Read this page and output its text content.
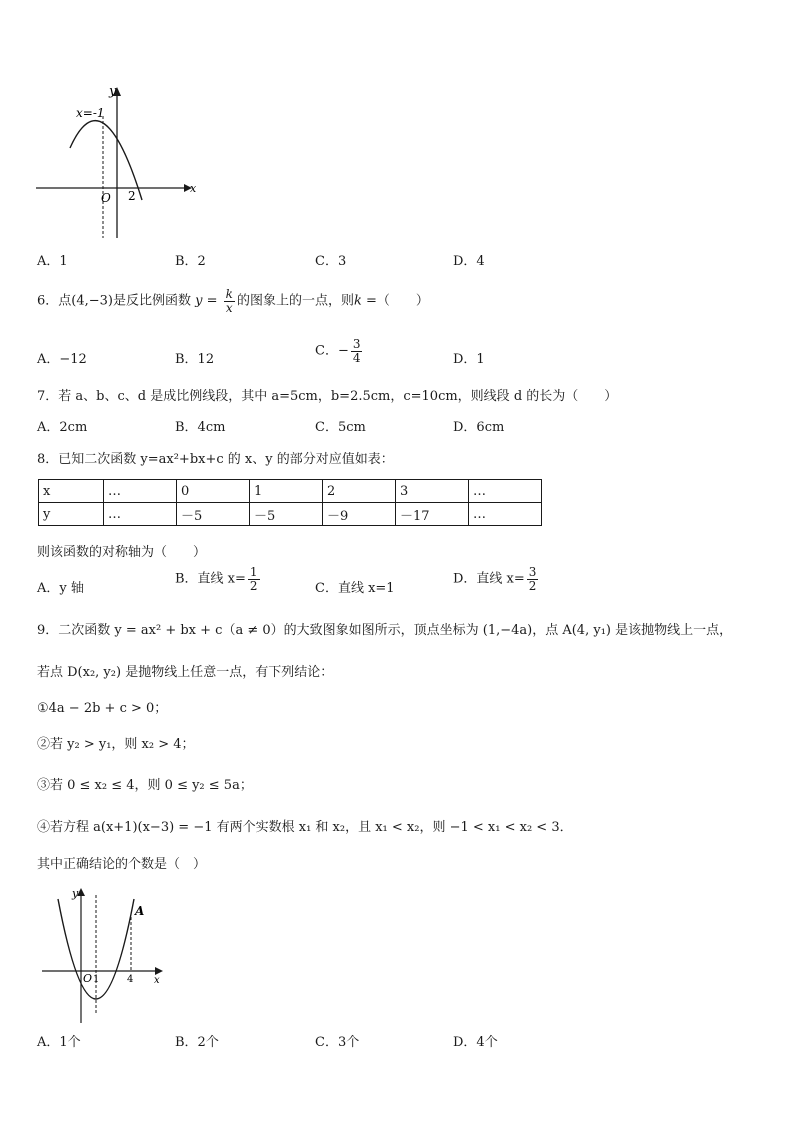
y
x
x=-1
O 2
A．1	B．2	C．3	D．4
6．点(4,−3)是反比例函数 $y = \frac{k}{x}$ 的图象上的一点，则k =（　　）
A．−12	B．12
C．− $\frac{3}{4}$	D．1
7．若 a、b、c、d 是成比例线段，其中 a=5cm，b=2.5cm，c=10cm，则线段 d 的长为（　　）
A．2cm	B．4cm	C．5cm	D．6cm
8．已知二次函数 y=ax²+bx+c 的 x、y 的部分对应值如表：
x	…	0	1	2	3	…
y	…	－5	－5	－9	－17	…
则该函数的对称轴为（　　）
A．y 轴
B．直线 $x= \frac{1}{2}$	C．直线 x=1
D．直线 $x= \frac{3}{2}$
9．二次函数 y = ax² + bx + c（a ≠ 0）的大致图象如图所示，顶点坐标为 (1,−4a)，点 A(4, y₁) 是该抛物线上一点，
若点 D(x₂, y₂) 是抛物线上任意一点，有下列结论：
①4a − 2b + c > 0；
②若 y₂ > y₁，则 x₂ > 4；
③若 0 ≤ x₂ ≤ 4，则 0 ≤ y₂ ≤ 5a；
④若方程 a(x+1)(x−3) = −1 有两个实数根 x₁ 和 x₂，且 x₁ < x₂，则 −1 < x₁ < x₂ < 3．
其中正确结论的个数是（　）
y
x
A
O 1	4
A．1个	B．2个	C．3个	D．4个
